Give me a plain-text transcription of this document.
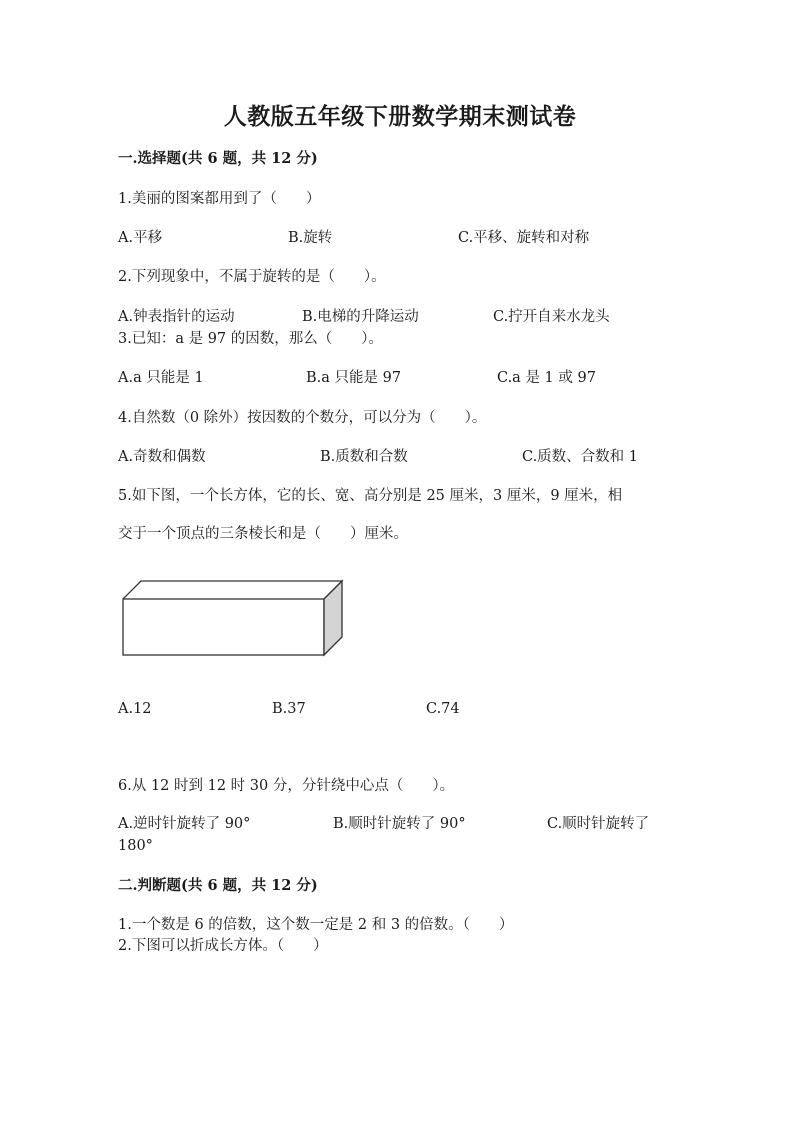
人教版五年级下册数学期末测试卷
一.选择题(共 6 题，共 12 分)
1.美丽的图案都用到了（　　）
A.平移	B.旋转	C.平移、旋转和对称
2.下列现象中，不属于旋转的是（　　）。
A.钟表指针的运动	B.电梯的升降运动	C.拧开自来水龙头
3.已知：a 是 97 的因数，那么（　　）。
A.a 只能是 1	B.a 只能是 97	C.a 是 1 或 97
4.自然数（0 除外）按因数的个数分，可以分为（　　）。
A.奇数和偶数	B.质数和合数	C.质数、合数和 1
5.如下图，一个长方体，它的长、宽、高分别是 25 厘米，3 厘米，9 厘米，相
交于一个顶点的三条棱长和是（　　）厘米。
A.12	B.37	C.74
6.从 12 时到 12 时 30 分，分针绕中心点（　　）。
A.逆时针旋转了 90°	B.顺时针旋转了 90°	C.顺时针旋转了
180°
二.判断题(共 6 题，共 12 分)
1.一个数是 6 的倍数，这个数一定是 2 和 3 的倍数。（　　）
2.下图可以折成长方体。（　　）
